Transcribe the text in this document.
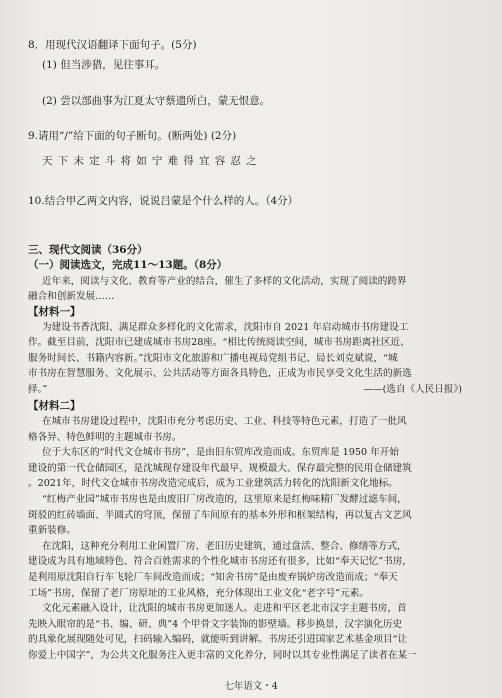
8．用现代汉语翻译下面句子。(5分)
(1) 但当涉猎，见往事耳。
(2) 尝以部曲事为江夏太守蔡遗所白，蒙无恨意。
9.请用“/”给下面的句子断句。(断两处) (2分)
天下未定斗将如宁难得宜容忍之
10.结合甲乙两文内容，说说吕蒙是个什么样的人。（4分）
三、现代文阅读（36分）
（一）阅读选文，完成11～13题。（8分）
近年来，阅读与文化、教育等产业的结合，催生了多样的文化活动，实现了阅读的跨界
融合和创新发展……
【材料一】
为建设书香沈阳、满足群众多样化的文化需求，沈阳市自 2021 年启动城市书房建设工
作。截至目前，沈阳市已建成城市书房28座。“相比传统阅读空间，城市书房距离社区近、
服务时间长、书籍内容新。”沈阳市文化旅游和广播电视局党组书记、局长刘克斌说，“城
市书房在智慧服务、文化展示、公共活动等方面各具特色，正成为市民享受文化生活的新选
择。”	——(选自《人民日报》)
【材料二】
在城市书房建设过程中，沈阳市充分考虑历史、工业、科技等特色元素，打造了一批风
格各异、特色鲜明的主题城市书房。
位于大东区的“时代文仓城市书房”，是由旧东贸库改造而成。东贸库是 1950 年开始
建设的第一代仓储园区，是沈城现存建设年代最早、规模最大、保存最完整的民用仓储建筑
。2021年，时代文仓城市书房改造完成后，成为工业建筑活力转化的沈阳新文化地标。
“红梅产业园”城市书房也是由废旧厂房改造的，这里原来是红梅味精厂发酵过滤车间，
斑驳的红砖墙面、半圆式的穹顶，保留了车间原有的基本外形和框架结构，再以复古文艺风
重新装修。
在沈阳，这种充分利用工业闲置厂房、老旧历史建筑，通过盘活、整合、修缮等方式，
建设成为具有地域特色、符合百姓需求的个性化城市书房还有很多，比如“奉天记忆”书房，
是利用原沈阳自行车飞轮厂车间改造而成；“知舍书房”是由废弃锅炉房改造而成；“奉天
工场”书房，保留了老厂房原址的工业风格，充分体现出工业文化“老字号”元素。
文化元素融入设计，让沈阳的城市书房更加迷人。走进和平区老北市汉字主题书房，首
先映入眼帘的是“书、编、研、典”4 个甲骨文字装饰的影壁墙。移步换景，汉字演化历史
的具象化展现随处可见，扫码输入编码，就能听到讲解。书房还引进国家艺术基金项目“让
你爱上中国字”，为公共文化服务注入更丰富的文化养分，同时以其专业性满足了读者在某一
七年语文・4
